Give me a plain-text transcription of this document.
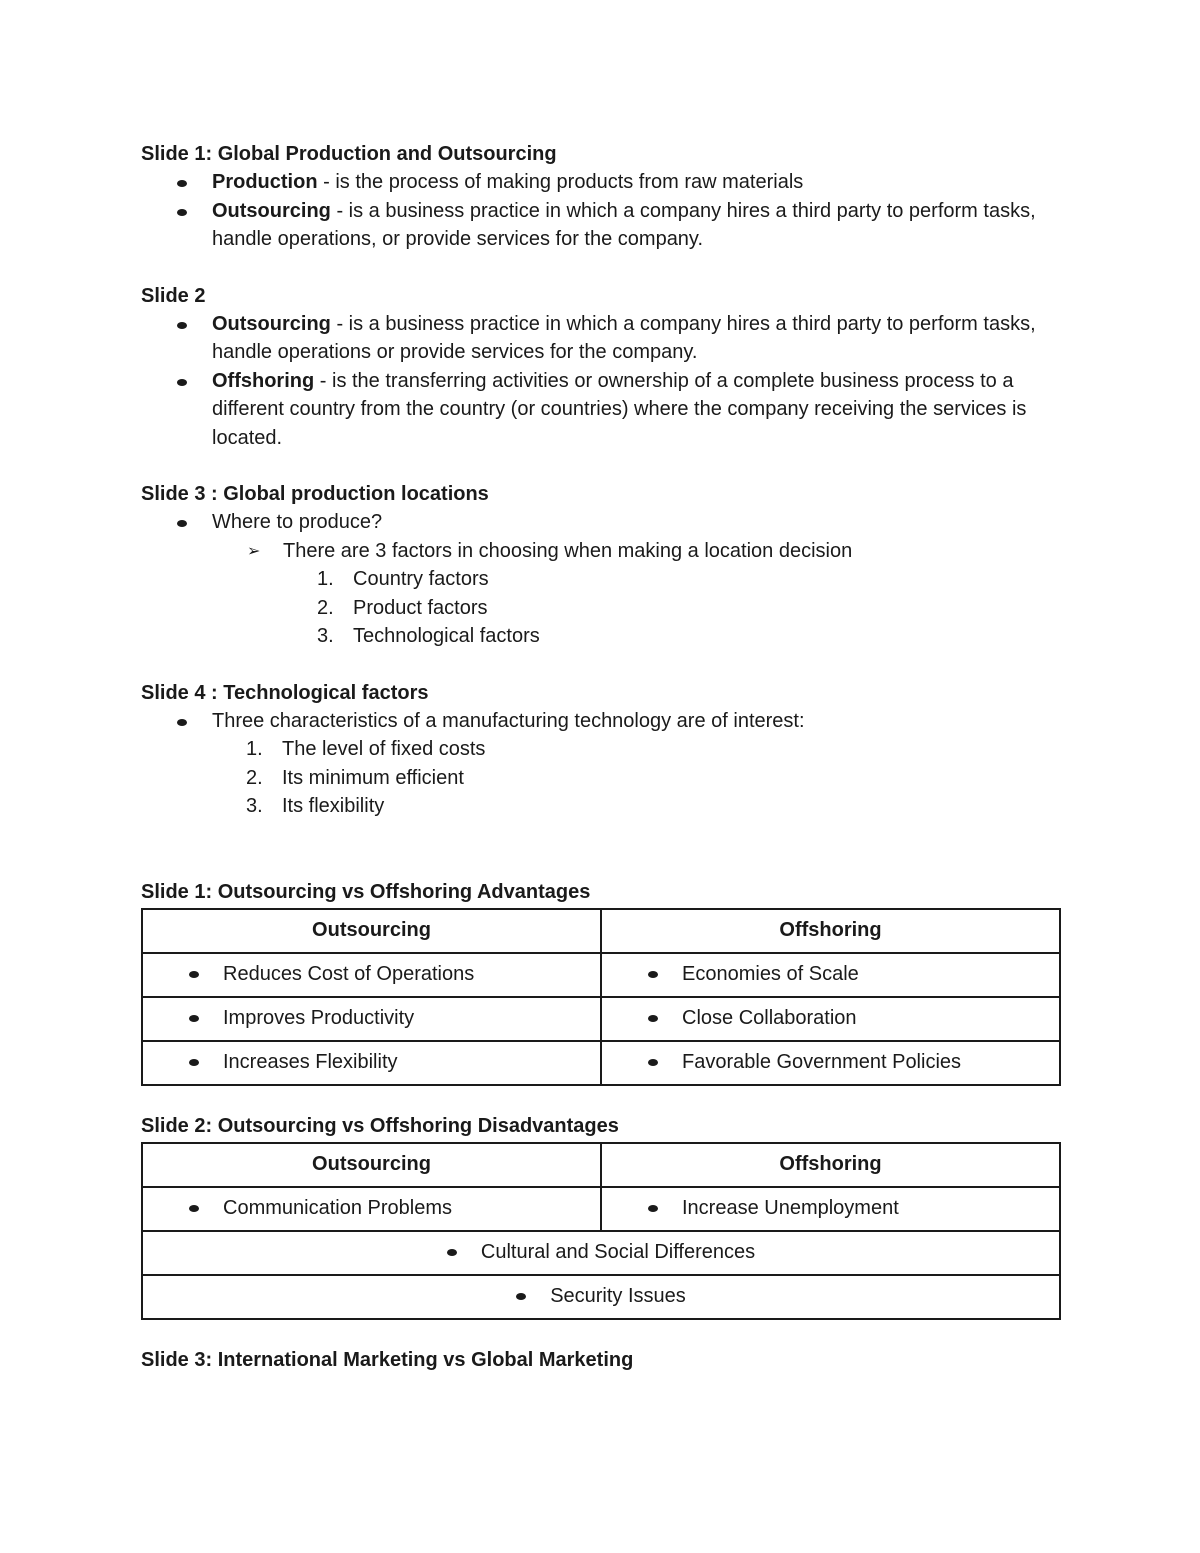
Slide 1: Global Production and Outsourcing

Production - is the process of making products from raw materials
Outsourcing - is a business practice in which a company hires a third party to perform tasks, handle operations, or provide services for the company.

Slide 2

Outsourcing - is a business practice in which a company hires a third party to perform tasks, handle operations or provide services for the company.
Offshoring - is the transferring activities or ownership of a complete business process to a different country from the country (or countries) where the company receiving the services is located.

Slide 3 : Global production locations

Where to produce?
➢ There are 3 factors in choosing when making a location decision
1. Country factors
2. Product factors
3. Technological factors

Slide 4 : Technological factors

Three characteristics of a manufacturing technology are of interest:
1. The level of fixed costs
2. Its minimum efficient
3. Its flexibility

Slide 1: Outsourcing vs Offshoring Advantages

Outsourcing	Offshoring

Reduces Cost of Operations	Economies of Scale

Improves Productivity	Close Collaboration

Increases Flexibility	Favorable Government Policies

Slide 2: Outsourcing vs Offshoring Disadvantages

Outsourcing	Offshoring

Communication Problems	Increase Unemployment

Cultural and Social Differences	
Security Issues	

Slide 3: International Marketing vs Global Marketing
